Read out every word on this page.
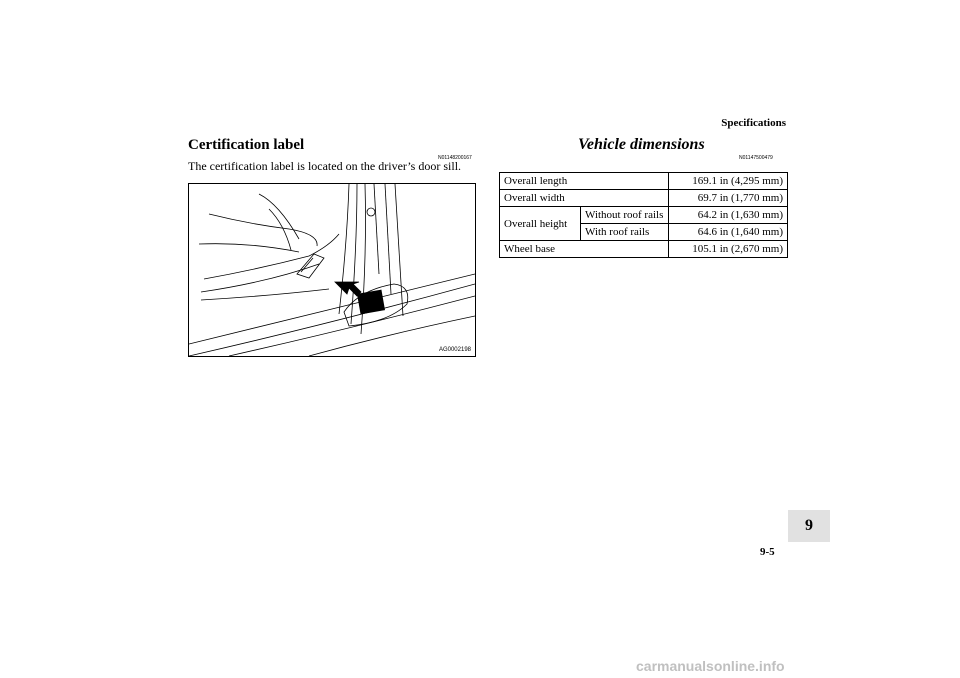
Specifications
Certification label
N01148200167
The certification label is located on the driver’s door sill.
AG0002198
Vehicle dimensions
N01147500479
Overall length		169.1 in (4,295 mm)
Overall width		69.7 in (1,770 mm)
Overall height	Without roof rails	64.2 in (1,630 mm)
	With roof rails	64.6 in (1,640 mm)
Wheel base		105.1 in (2,670 mm)
9
9-5
carmanualsonline.info
